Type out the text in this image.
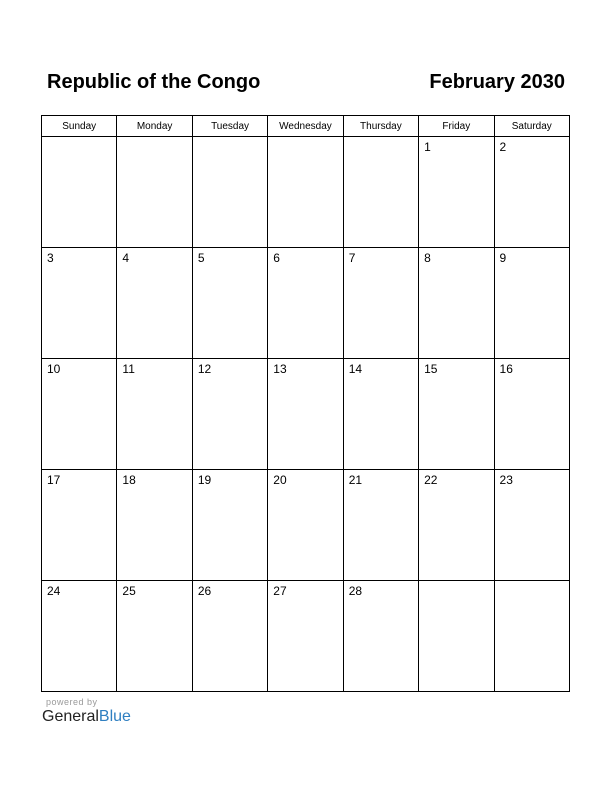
Republic of the Congo	February 2030
Sunday	Monday	Tuesday	Wednesday	Thursday	Friday	Saturday

					1	2

3	4	5	6	7	8	9

10	11	12	13	14	15	16

17	18	19	20	21	22	23

24	25	26	27	28		

powered by
GeneralBlue
